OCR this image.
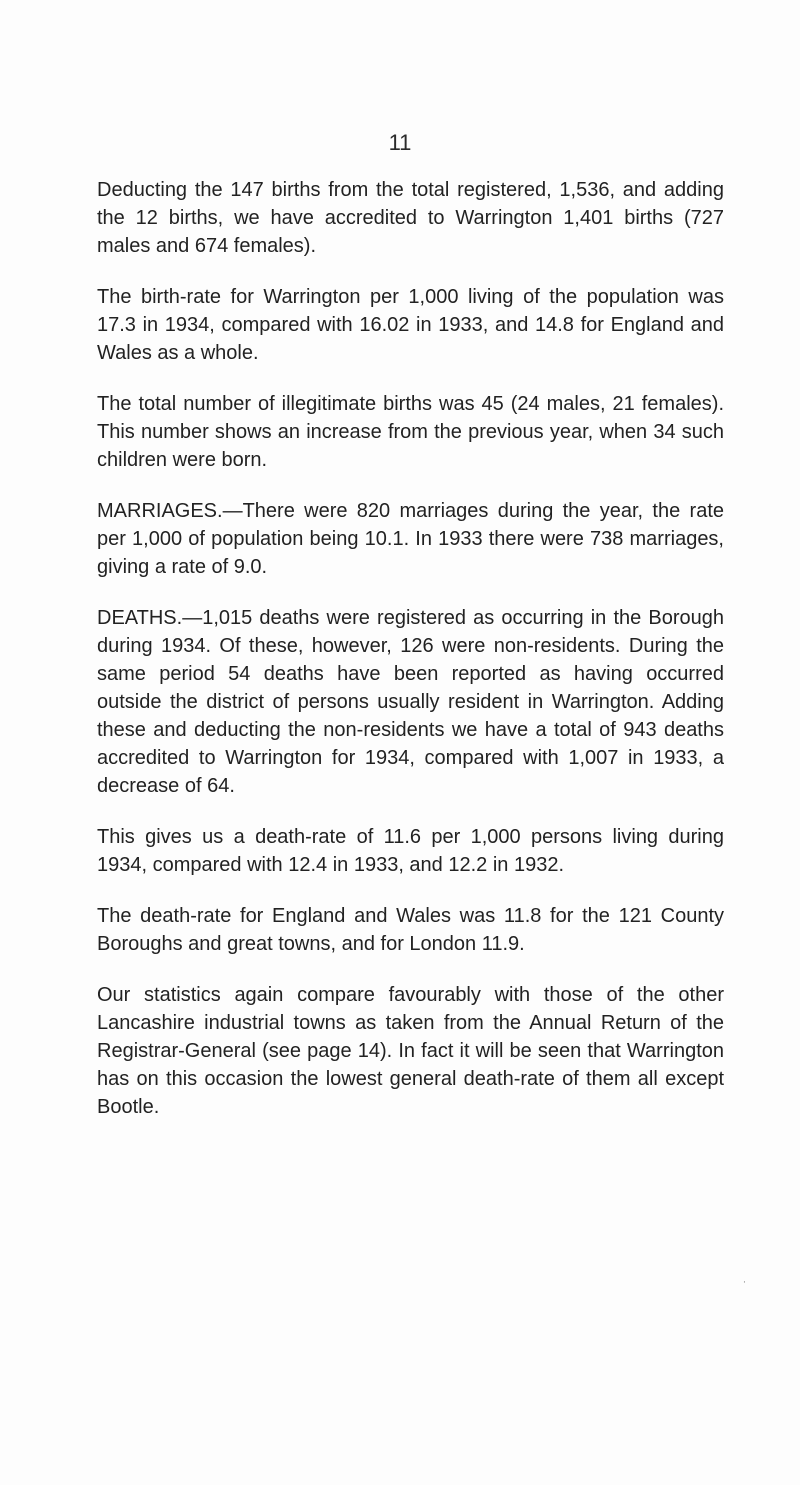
11

Deducting the 147 births from the total registered, 1,536, and adding the 12 births, we have accredited to Warrington 1,401 births (727 males and 674 females).

The birth-rate for Warrington per 1,000 living of the population was 17.3 in 1934, compared with 16.02 in 1933, and 14.8 for England and Wales as a whole.

The total number of illegitimate births was 45 (24 males, 21 females). This number shows an increase from the previous year, when 34 such children were born.

MARRIAGES.—There were 820 marriages during the year, the rate per 1,000 of population being 10.1. In 1933 there were 738 marriages, giving a rate of 9.0.

DEATHS.—1,015 deaths were registered as occurring in the Borough during 1934. Of these, however, 126 were non-residents. During the same period 54 deaths have been reported as having occurred outside the district of persons usually resident in Warrington. Adding these and deducting the non-residents we have a total of 943 deaths accredited to Warrington for 1934, compared with 1,007 in 1933, a decrease of 64.

This gives us a death-rate of 11.6 per 1,000 persons living during 1934, compared with 12.4 in 1933, and 12.2 in 1932.

The death-rate for England and Wales was 11.8 for the 121 County Boroughs and great towns, and for London 11.9.

Our statistics again compare favourably with those of the other Lancashire industrial towns as taken from the Annual Return of the Registrar-General (see page 14). In fact it will be seen that Warrington has on this occasion the lowest general death-rate of them all except Bootle.

⋅
